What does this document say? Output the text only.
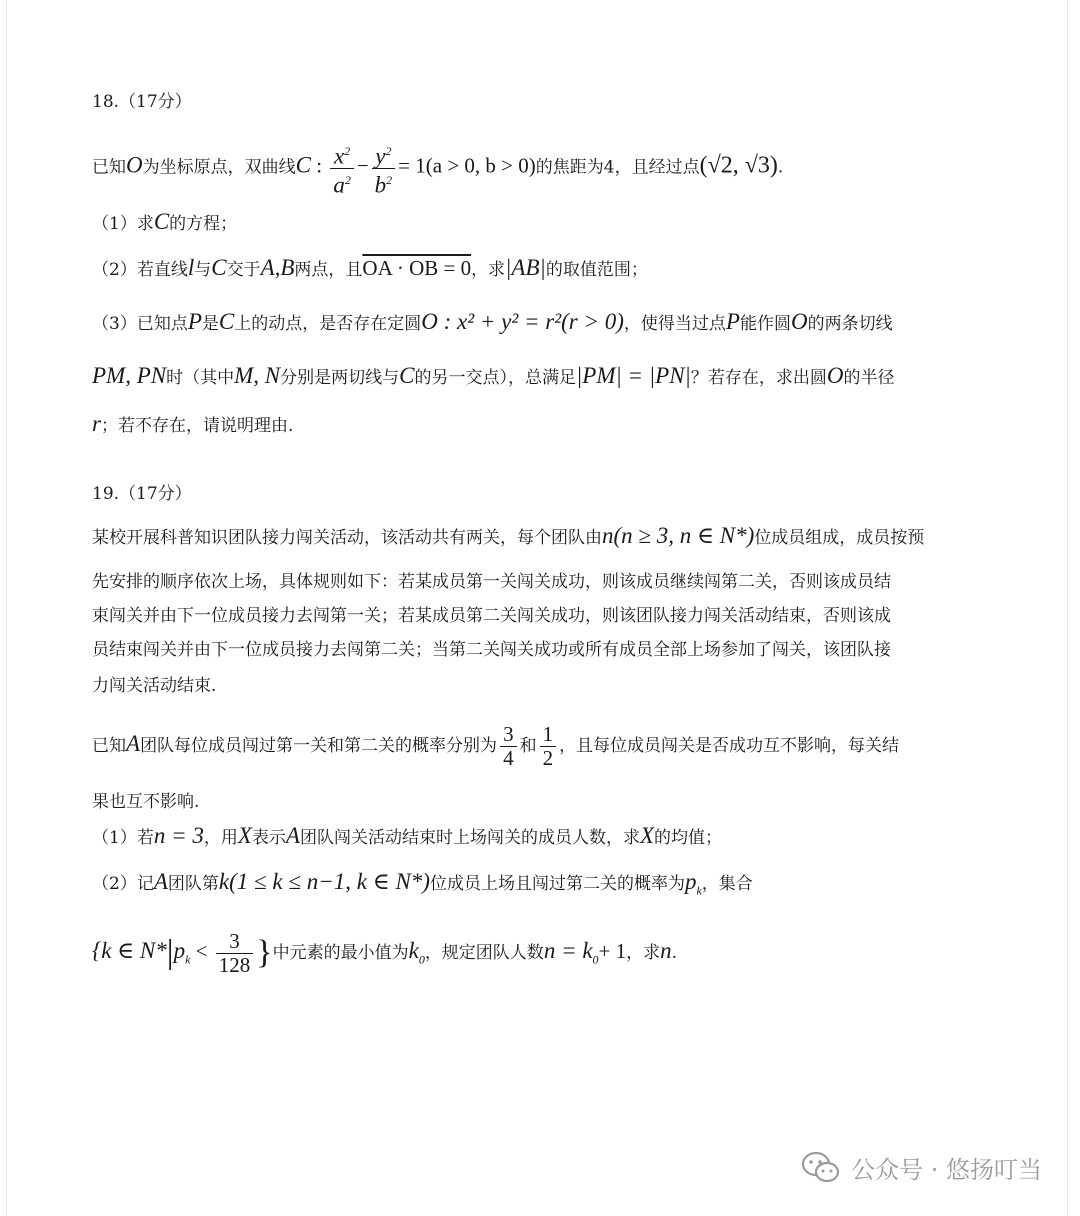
18.（17分）
已知O为坐标原点，双曲线C : $\frac{x^2}{a^2} - \frac{y^2}{b^2} = 1(a > 0$, b > 0)的焦距为4，且经过点(√2, √3).
（1）求C的方程；
（2）若直线l与C交于A,B两点，且OA · OB = 0，求|AB|的取值范围；
（3）已知点P是C上的动点，是否存在定圆O : x² + y² = r²(r > 0)，使得当过点P能作圆O的两条切线
PM, PN时（其中M, N分别是两切线与C的另一交点），总满足|PM| = |PN|？若存在，求出圆O的半径
r；若不存在，请说明理由.
19.（17分）
某校开展科普知识团队接力闯关活动，该活动共有两关，每个团队由n(n ≥ 3, n ∈ N*)位成员组成，成员按预
先安排的顺序依次上场，具体规则如下：若某成员第一关闯关成功，则该成员继续闯第二关，否则该成员结
束闯关并由下一位成员接力去闯第一关；若某成员第二关闯关成功，则该团队接力闯关活动结束，否则该成
员结束闯关并由下一位成员接力去闯第二关；当第二关闯关成功或所有成员全部上场参加了闯关，该团队接
力闯关活动结束.
已知A团队每位成员闯过第一关和第二关的概率分别为 $\frac{3}{4}$ 和 $\frac{1}{2}$ ，且每位成员闯关是否成功互不影响，每关结
果也互不影响.
（1）若n = 3，用X表示A团队闯关活动结束时上场闯关的成员人数，求X的均值；
（2）记A团队第k(1 ≤ k ≤ n−1, k ∈ N*)位成员上场且闯过第二关的概率为$p_k$，集合
{k ∈ $N*|p_k < \frac{3}{128}$ }中元素的最小值为$k_0$，规定团队人数$n = k_0+ 1$，求n.
公众号 · 悠扬叮当
